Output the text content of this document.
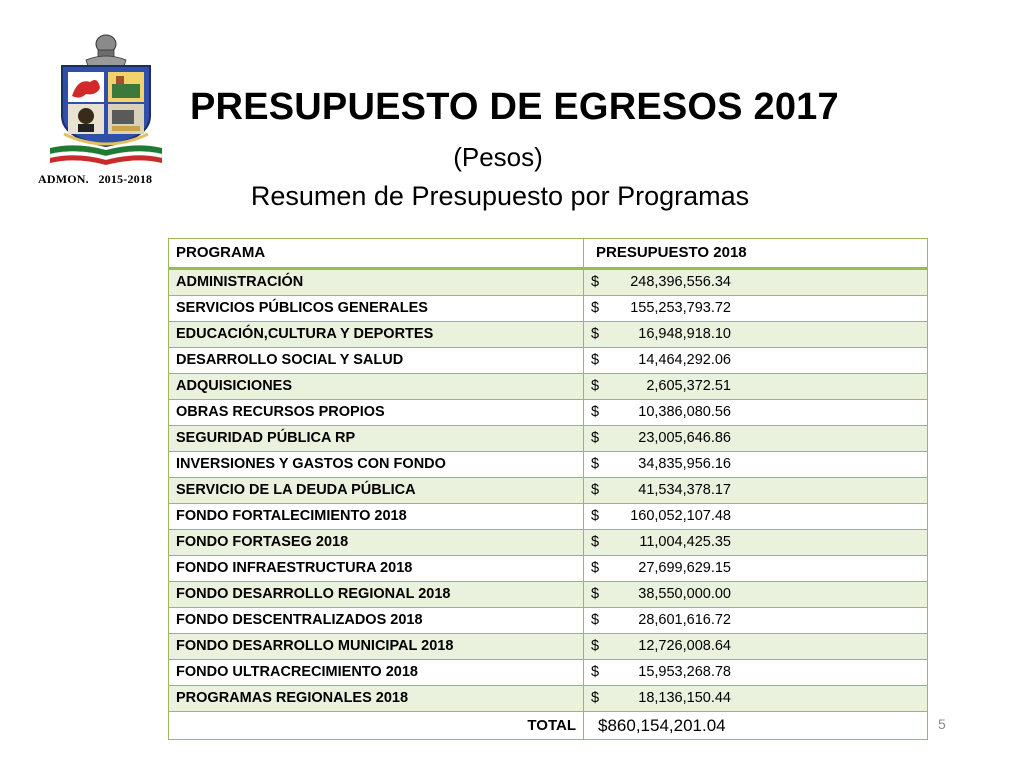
ADMON.   2015-2018
PRESUPUESTO DE EGRESOS 2017
(Pesos)
Resumen de Presupuesto por Programas
PROGRAMA	PRESUPUESTO 2018
ADMINISTRACIÓN	$ 248,396,556.34

SERVICIOS PÚBLICOS GENERALES	$ 155,253,793.72

EDUCACIÓN,CULTURA Y DEPORTES	$ 16,948,918.10

DESARROLLO SOCIAL Y SALUD	$ 14,464,292.06

ADQUISICIONES	$ 2,605,372.51

OBRAS RECURSOS PROPIOS	$ 10,386,080.56

SEGURIDAD PÚBLICA RP	$ 23,005,646.86

INVERSIONES Y GASTOS CON FONDO	$ 34,835,956.16

SERVICIO DE LA DEUDA PÚBLICA	$ 41,534,378.17

FONDO FORTALECIMIENTO 2018	$ 160,052,107.48

FONDO FORTASEG 2018	$ 11,004,425.35

FONDO INFRAESTRUCTURA 2018	$ 27,699,629.15

FONDO DESARROLLO REGIONAL 2018	$ 38,550,000.00

FONDO DESCENTRALIZADOS 2018	$ 28,601,616.72

FONDO DESARROLLO MUNICIPAL 2018	$ 12,726,008.64

FONDO ULTRACRECIMIENTO 2018	$ 15,953,268.78

PROGRAMAS REGIONALES 2018	$ 18,136,150.44

TOTAL	$860,154,201.04	5
